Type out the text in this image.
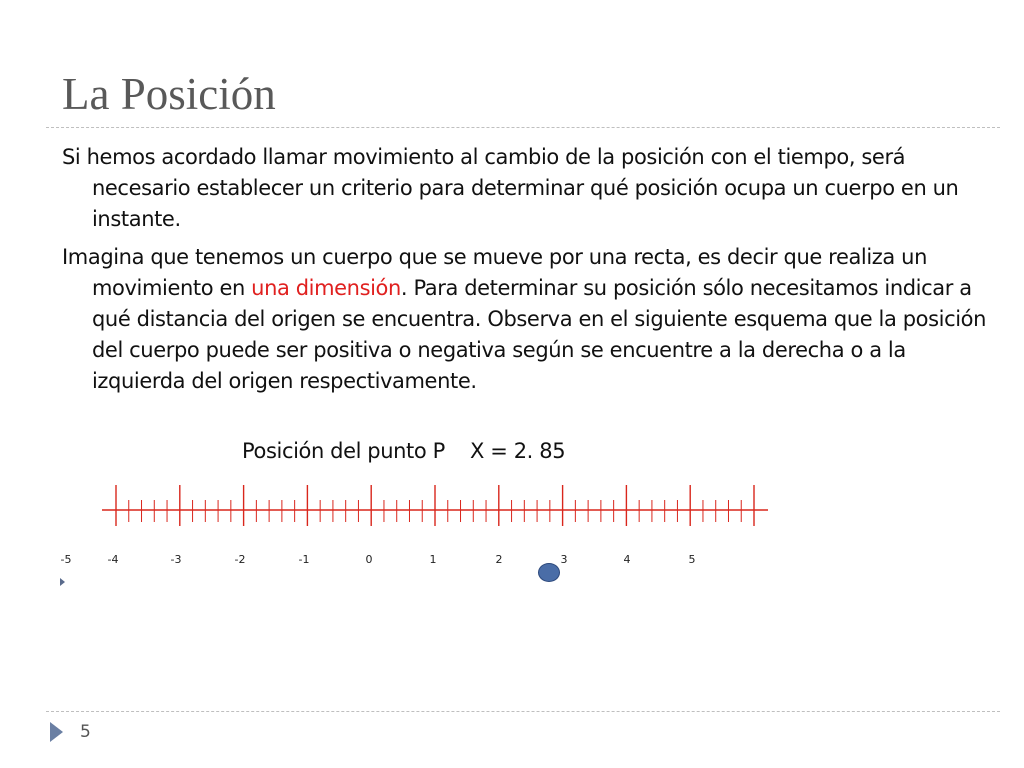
La Posición

Si hemos acordado llamar movimiento al cambio de la posición con el tiempo, será necesario establecer un criterio para determinar qué posición ocupa un cuerpo en un instante.

Imagina que tenemos un cuerpo que se mueve por una recta, es decir que realiza un movimiento en una dimensión. Para determinar su posición sólo necesitamos indicar a qué distancia del origen se encuentra. Observa en el siguiente esquema que la posición del cuerpo puede ser positiva o negativa según se encuentre a la derecha o a la izquierda del origen respectivamente.

Posición del punto P    X = 2. 85
-5	-4	-3	-2	-1	0	1	2	3	4	5
5
